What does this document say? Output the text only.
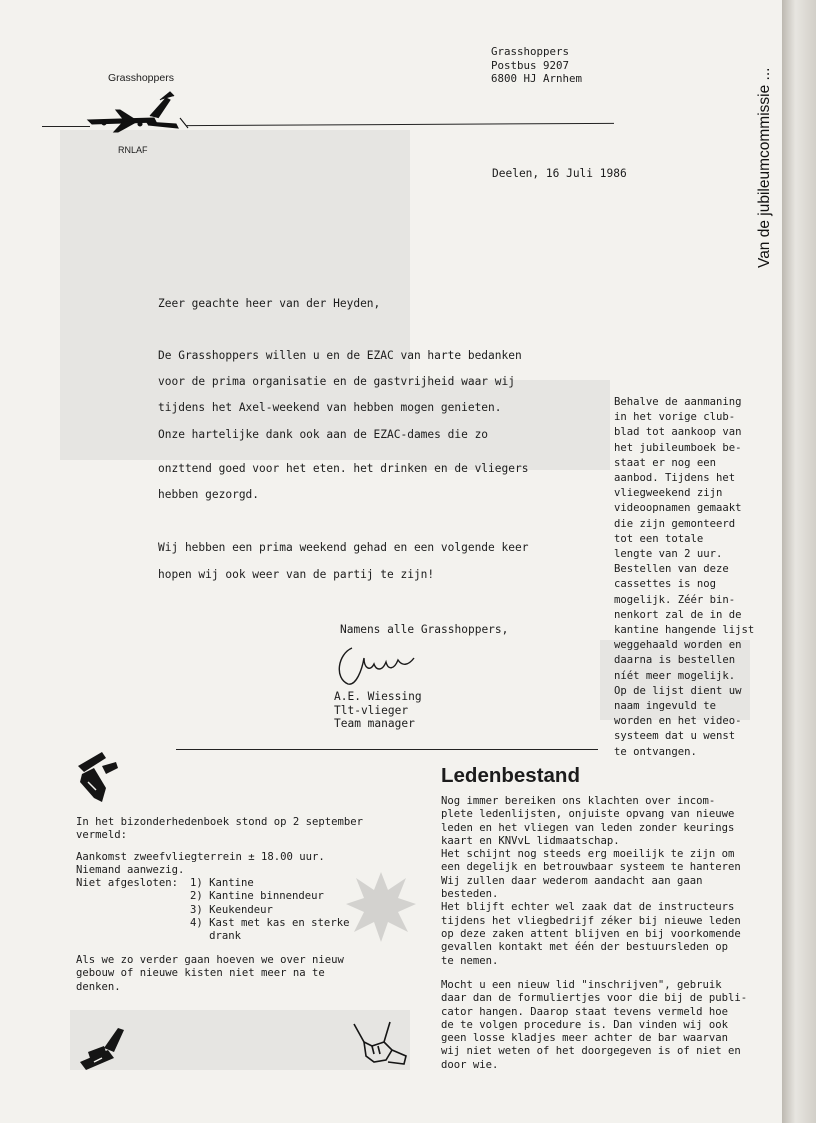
Grasshoppers
RNLAF
Grasshoppers
Postbus 9207
6800 HJ Arnhem
Deelen, 16 Juli 1986	Van de jubileumcommissie ...
Zeer geachte heer van der Heyden,
De Grasshoppers willen u en de EZAC van harte bedanken
voor de prima organisatie en de gastvrijheid waar wij
tijdens het Axel-weekend van hebben mogen genieten.
Onze hartelijke dank ook aan de EZAC-dames die zo
onzttend goed voor het eten. het drinken en de vliegers
hebben gezorgd.
Wij hebben een prima weekend gehad en een volgende keer
hopen wij ook weer van de partij te zijn!
Namens alle Grasshoppers,
A.E. Wiessing
Tlt-vlieger
Team manager
Behalve de aanmaning
in het vorige club-
blad tot aankoop van
het jubileumboek be-
staat er nog een
aanbod. Tijdens het
vliegweekend zijn
videoopnamen gemaakt
die zijn gemonteerd
tot een totale
lengte van 2 uur.
Bestellen van deze
cassettes is nog
mogelijk. Zéér bin-
nenkort zal de in de
kantine hangende lijst
weggehaald worden en
daarna is bestellen
níét meer mogelijk.
Op de lijst dient uw
naam ingevuld te
worden en het video-
systeem dat u wenst
te ontvangen.
In het bizonderhedenboek stond op 2 september
vermeld:
Aankomst zweefvliegterrein ± 18.00 uur.
Niemand aanwezig.
Niet afgesloten: 1) Kantine
2) Kantine binnendeur
3) Keukendeur
4) Kast met kas en sterke
drank
Als we zo verder gaan hoeven we over nieuw
gebouw of nieuwe kisten niet meer na te
denken.
Ledenbestand
Nog immer bereiken ons klachten over incom-
plete ledenlijsten, onjuiste opvang van nieuwe
leden en het vliegen van leden zonder keurings
kaart en KNVvL lidmaatschap.
Het schijnt nog steeds erg moeilijk te zijn om
een degelijk en betrouwbaar systeem te hanteren
Wij zullen daar wederom aandacht aan gaan
besteden.
Het blijft echter wel zaak dat de instructeurs
tijdens het vliegbedrijf zéker bij nieuwe leden
op deze zaken attent blijven en bij voorkomende
gevallen kontakt met één der bestuursleden op
te nemen.
Mocht u een nieuw lid "inschrijven", gebruik
daar dan de formuliertjes voor die bij de publi-
cator hangen. Daarop staat tevens vermeld hoe
de te volgen procedure is. Dan vinden wij ook
geen losse kladjes meer achter de bar waarvan
wij niet weten of het doorgegeven is of niet en
door wie.
